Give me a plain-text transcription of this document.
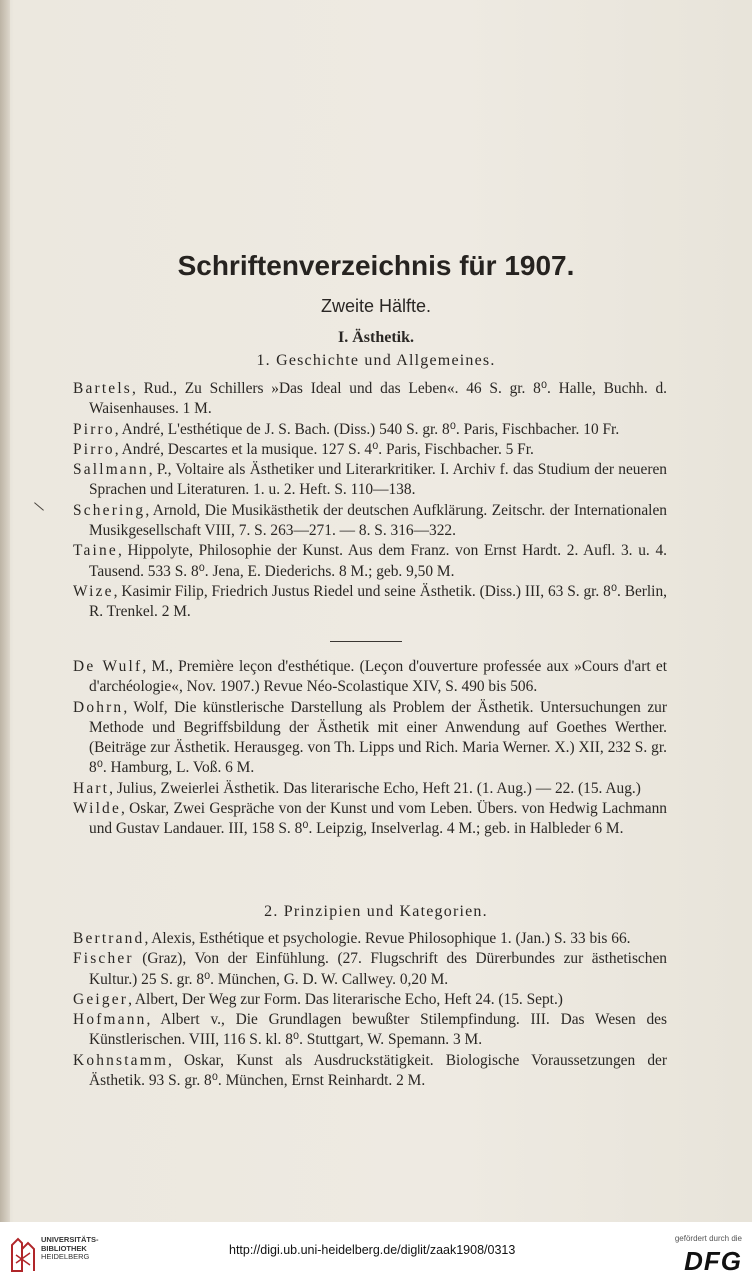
Schriftenverzeichnis für 1907.
Zweite Hälfte.
I. Ästhetik.
1. Geschichte und Allgemeines.

Bartels, Rud., Zu Schillers »Das Ideal und das Leben«. 46 S. gr. 8⁰. Halle, Buchh. d. Waisenhauses. 1 M.

Pirro, André, L'esthétique de J. S. Bach. (Diss.) 540 S. gr. 8⁰. Paris, Fischbacher. 10 Fr.

Pirro, André, Descartes et la musique. 127 S. 4⁰. Paris, Fischbacher. 5 Fr.

Sallmann, P., Voltaire als Ästhetiker und Literarkritiker. I. Archiv f. das Studium der neueren Sprachen und Literaturen. 1. u. 2. Heft. S. 110—138.

Schering, Arnold, Die Musikästhetik der deutschen Aufklärung. Zeitschr. der Internationalen Musikgesellschaft VIII, 7. S. 263—271. — 8. S. 316—322.

Taine, Hippolyte, Philosophie der Kunst. Aus dem Franz. von Ernst Hardt. 2. Aufl. 3. u. 4. Tausend. 533 S. 8⁰. Jena, E. Diederichs. 8 M.; geb. 9,50 M.

Wize, Kasimir Filip, Friedrich Justus Riedel und seine Ästhetik. (Diss.) III, 63 S. gr. 8⁰. Berlin, R. Trenkel. 2 M.

De Wulf, M., Première leçon d'esthétique. (Leçon d'ouverture professée aux »Cours d'art et d'archéologie«, Nov. 1907.) Revue Néo-Scolastique XIV, S. 490 bis 506.

Dohrn, Wolf, Die künstlerische Darstellung als Problem der Ästhetik. Untersuchungen zur Methode und Begriffsbildung der Ästhetik mit einer Anwendung auf Goethes Werther. (Beiträge zur Ästhetik. Herausgeg. von Th. Lipps und Rich. Maria Werner. X.) XII, 232 S. gr. 8⁰. Hamburg, L. Voß. 6 M.

Hart, Julius, Zweierlei Ästhetik. Das literarische Echo, Heft 21. (1. Aug.) — 22. (15. Aug.)

Wilde, Oskar, Zwei Gespräche von der Kunst und vom Leben. Übers. von Hedwig Lachmann und Gustav Landauer. III, 158 S. 8⁰. Leipzig, Inselverlag. 4 M.; geb. in Halbleder 6 M.

2. Prinzipien und Kategorien.

Bertrand, Alexis, Esthétique et psychologie. Revue Philosophique 1. (Jan.) S. 33 bis 66.

Fischer (Graz), Von der Einfühlung. (27. Flugschrift des Dürerbundes zur ästhetischen Kultur.) 25 S. gr. 8⁰. München, G. D. W. Callwey. 0,20 M.

Geiger, Albert, Der Weg zur Form. Das literarische Echo, Heft 24. (15. Sept.)

Hofmann, Albert v., Die Grundlagen bewußter Stilempfindung. III. Das Wesen des Künstlerischen. VIII, 116 S. kl. 8⁰. Stuttgart, W. Spemann. 3 M.

Kohnstamm, Oskar, Kunst als Ausdruckstätigkeit. Biologische Voraussetzungen der Ästhetik. 93 S. gr. 8⁰. München, Ernst Reinhardt. 2 M.

UNIVERSITÄTS-
BIBLIOTHEK
HEIDELBERG	http://digi.ub.uni-heidelberg.de/diglit/zaak1908/0313
gefördert durch die
DFG
